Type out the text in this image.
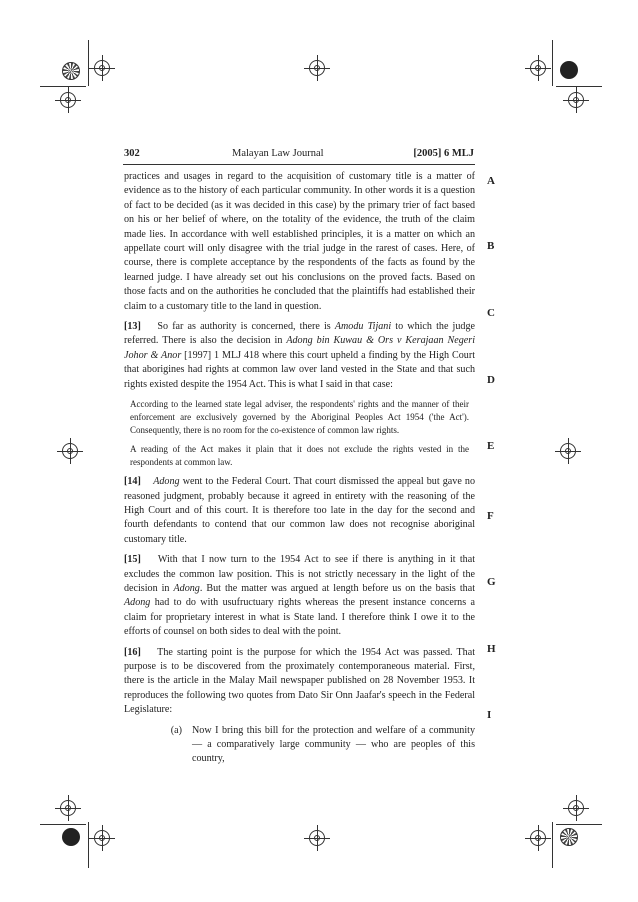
302	Malayan Law Journal	[2005] 6 MLJ
A
B
C
D
E
F
G
H
I

practices and usages in regard to the acquisition of customary title is a matter of evidence as to the history of each particular community. In other words it is a question of fact to be decided (as it was decided in this case) by the primary trier of fact based on his or her belief of where, on the totality of the evidence, the truth of the claim made lies. In accordance with well established principles, it is a matter on which an appellate court will only disagree with the trial judge in the rarest of cases. Here, of course, there is complete acceptance by the respondents of the facts as found by the learned judge. I have already set out his conclusions on the proved facts. Based on those facts and on the authorities he concluded that the plaintiffs had established their claim to a customary title to the land in question.

[13] So far as authority is concerned, there is Amodu Tijani to which the judge referred. There is also the decision in Adong bin Kuwau & Ors v Kerajaan Negeri Johor & Anor [1997] 1 MLJ 418 where this court upheld a finding by the High Court that aborigines had rights at common law over land vested in the State and that such rights existed despite the 1954 Act. This is what I said in that case:

According to the learned state legal adviser, the respondents' rights and the manner of their enforcement are exclusively governed by the Aboriginal Peoples Act 1954 ('the Act'). Consequently, there is no room for the co-existence of common law rights.

A reading of the Act makes it plain that it does not exclude the rights vested in the respondents at common law.

[14] Adong went to the Federal Court. That court dismissed the appeal but gave no reasoned judgment, probably because it agreed in entirety with the reasoning of the High Court and of this court. It is therefore too late in the day for the second and fourth defendants to contend that our common law does not recognise aboriginal customary title.

[15] With that I now turn to the 1954 Act to see if there is anything in it that excludes the common law position. This is not strictly necessary in the light of the decision in Adong. But the matter was argued at length before us on the basis that Adong had to do with usufructuary rights whereas the present instance concerns a claim for proprietary interest in what is State land. I therefore think I owe it to the efforts of counsel on both sides to deal with the point.

[16] The starting point is the purpose for which the 1954 Act was passed. That purpose is to be discovered from the proximately contemporaneous material. First, there is the article in the Malay Mail newspaper published on 28 November 1953. It reproduces the following two quotes from Dato Sir Onn Jaafar's speech in the Federal Legislature:

(a) Now I bring this bill for the protection and welfare of a community — a comparatively large community — who are peoples of this country,
